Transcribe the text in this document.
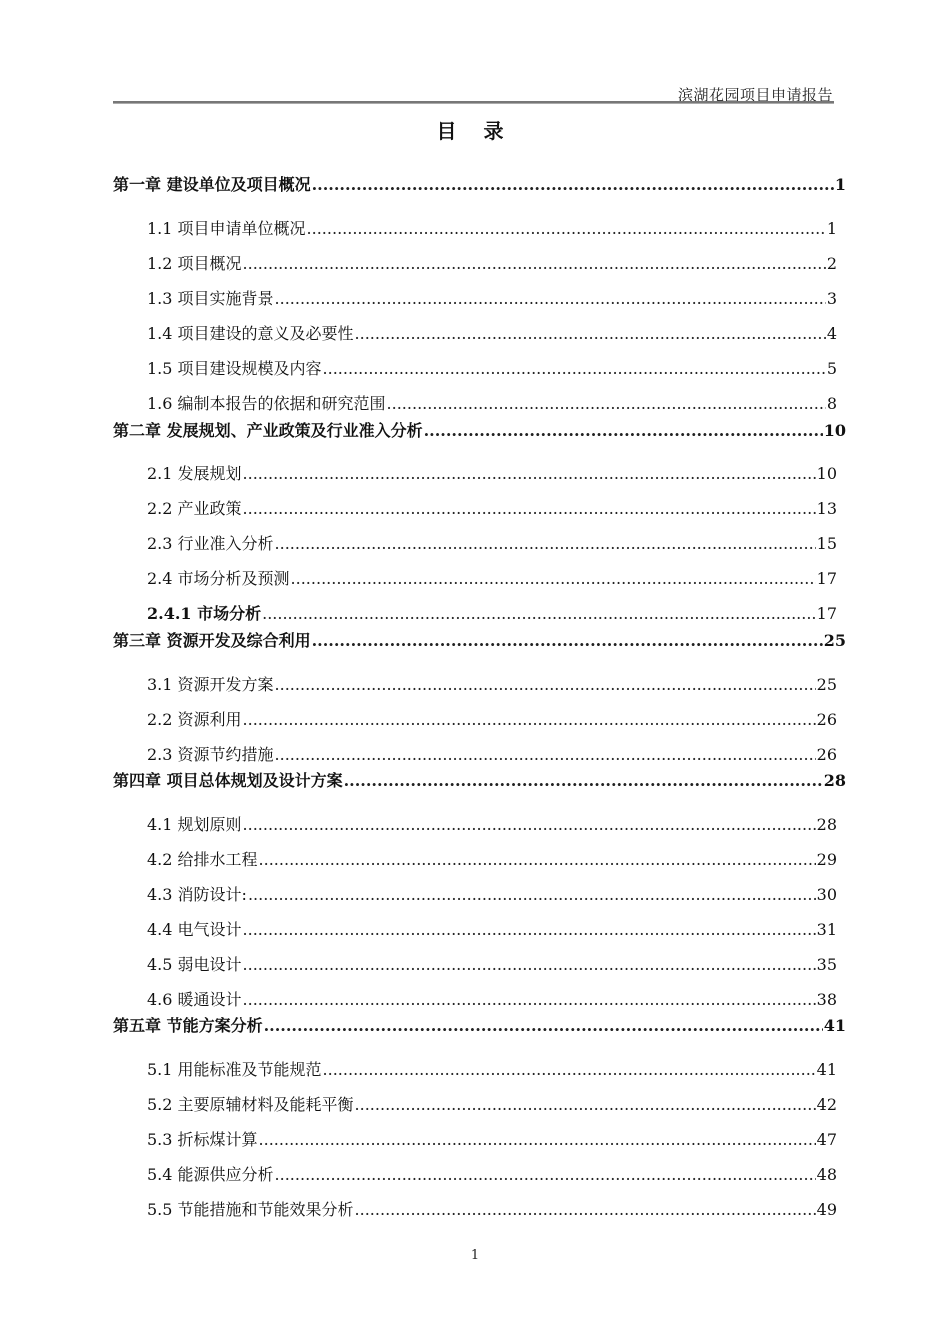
滨湖花园项目申请报告
目 录
第一章 建设单位及项目概况 .....	1
1.1 项目申请单位概况 .....	1
1.2 项目概况 .....	2
1.3 项目实施背景 .....	3
1.4 项目建设的意义及必要性 .....	4
1.5 项目建设规模及内容 .....	5
1.6 编制本报告的依据和研究范围 .....	8
第二章 发展规划、产业政策及行业准入分析 .....	10
2.1 发展规划 .....	10
2.2 产业政策 .....	13
2.3 行业准入分析 .....	15
2.4 市场分析及预测 .....	17
2.4.1 市场分析 .....	17
第三章 资源开发及综合利用 .....	25
3.1 资源开发方案 .....	25
2.2 资源利用 .....	26
2.3 资源节约措施 .....	26
第四章 项目总体规划及设计方案 .....	28
4.1 规划原则 .....	28
4.2 给排水工程 .....	29
4.3 消防设计: .....	30
4.4 电气设计 .....	31
4.5 弱电设计 .....	35
4.6 暖通设计 .....	38
第五章 节能方案分析 .....	41
5.1 用能标准及节能规范 .....	41
5.2 主要原辅材料及能耗平衡 .....	42
5.3 折标煤计算 .....	47
5.4 能源供应分析 .....	48
5.5 节能措施和节能效果分析 .....	49
1
